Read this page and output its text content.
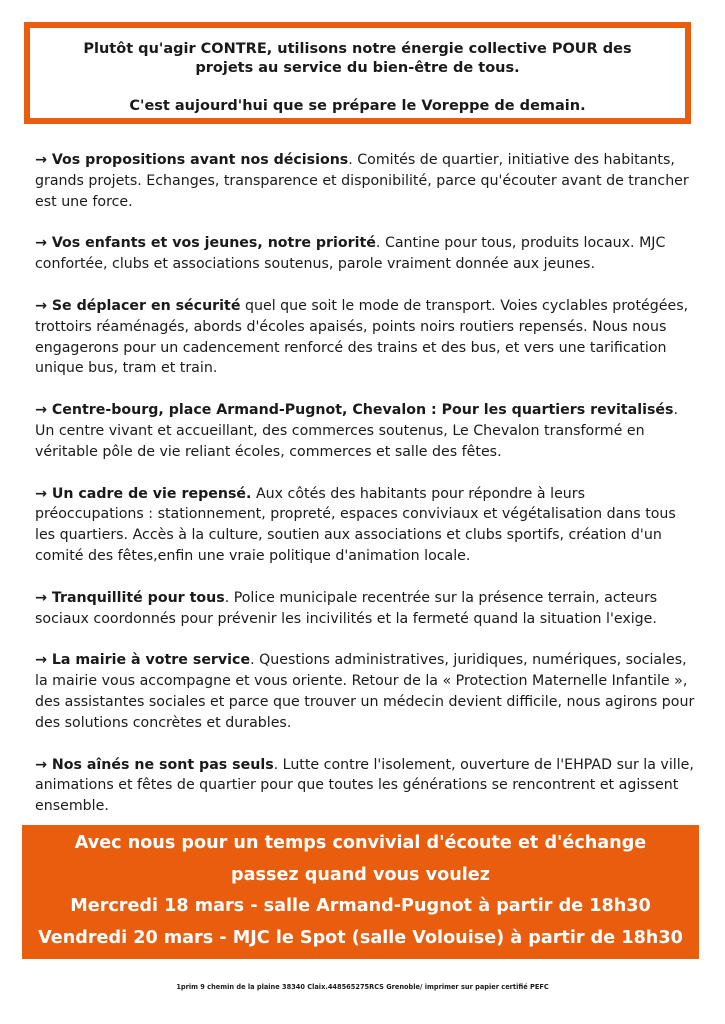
Plutôt qu'agir CONTRE, utilisons notre énergie collective POUR des

projets au service du bien-être de tous.

C'est aujourd'hui que se prépare le Voreppe de demain.

→ Vos propositions avant nos décisions. Comités de quartier, initiative des habitants, grands projets. Echanges, transparence et disponibilité, parce qu'écouter avant de trancher est une force.

→ Vos enfants et vos jeunes, notre priorité. Cantine pour tous, produits locaux. MJC confortée, clubs et associations soutenus, parole vraiment donnée aux jeunes.

→ Se déplacer en sécurité quel que soit le mode de transport. Voies cyclables protégées, trottoirs réaménagés, abords d'écoles apaisés, points noirs routiers repensés. Nous nous engagerons pour un cadencement renforcé des trains et des bus, et vers une tarification unique bus, tram et train.

→ Centre-bourg, place Armand-Pugnot, Chevalon : Pour les quartiers revitalisés. Un centre vivant et accueillant, des commerces soutenus, Le Chevalon transformé en véritable pôle de vie reliant écoles, commerces et salle des fêtes.

→ Un cadre de vie repensé. Aux côtés des habitants pour répondre à leurs préoccupations : stationnement, propreté, espaces conviviaux et végétalisation dans tous les quartiers. Accès à la culture, soutien aux associations et clubs sportifs, création d'un comité des fêtes,enfin une vraie politique d'animation locale.

→ Tranquillité pour tous. Police municipale recentrée sur la présence terrain, acteurs sociaux coordonnés pour prévenir les incivilités et la fermeté quand la situation l'exige.

→ La mairie à votre service. Questions administratives, juridiques, numériques, sociales, la mairie vous accompagne et vous oriente. Retour de la « Protection Maternelle Infantile », des assistantes sociales et parce que trouver un médecin devient difficile, nous agirons pour des solutions concrètes et durables.

→ Nos aînés ne sont pas seuls. Lutte contre l'isolement, ouverture de l'EHPAD sur la ville, animations et fêtes de quartier pour que toutes les générations se rencontrent et agissent ensemble.

Avec nous pour un temps convivial d'écoute et d'échange

passez quand vous voulez

Mercredi 18 mars - salle Armand-Pugnot à partir de 18h30

Vendredi 20 mars - MJC le Spot (salle Volouise) à partir de 18h30

1prim 9 chemin de la plaine 38340 Claix.448565275RCS Grenoble/ imprimer sur papier certifié PEFC
